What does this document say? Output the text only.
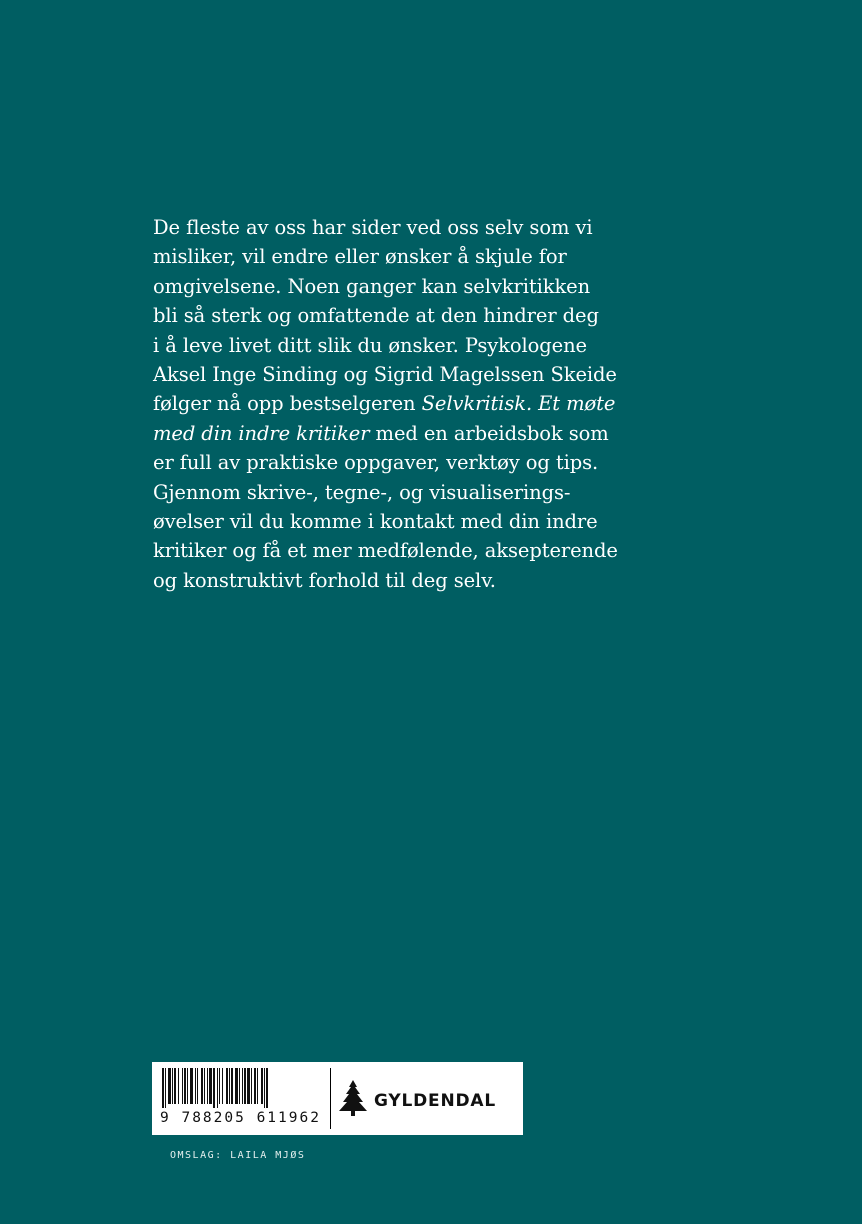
De fleste av oss har sider ved oss selv som vi
misliker, vil endre eller ønsker å skjule for
omgivelsene. Noen ganger kan selvkritikken
bli så sterk og omfattende at den hindrer deg
i å leve livet ditt slik du ønsker. Psykologene
Aksel Inge Sinding og Sigrid Magelssen Skeide
følger nå opp bestselgeren Selvkritisk. Et møte
med din indre kritiker med en arbeidsbok som
er full av praktiske oppgaver, verktøy og tips.
Gjennom skrive-, tegne-, og visualiserings-
øvelser vil du komme i kontakt med din indre
kritiker og få et mer medfølende, aksepterende
og konstruktivt forhold til deg selv.
9 788205 611962
GYLDENDAL
OMSLAG: LAILA MJØS
